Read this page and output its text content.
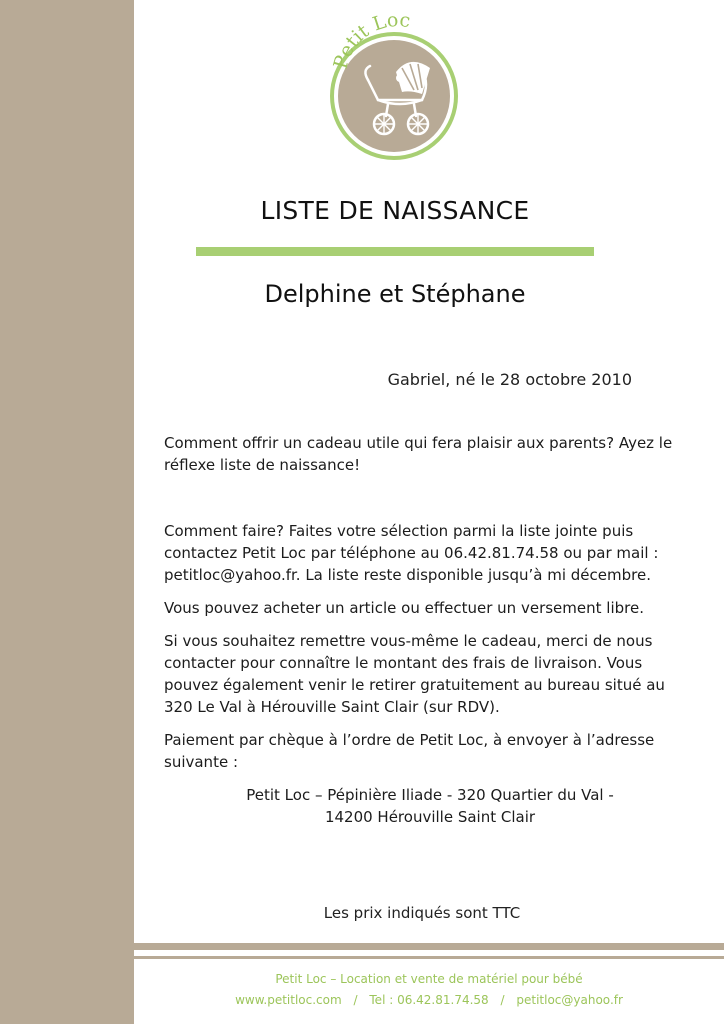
Petit Loc
LISTE DE NAISSANCE
Delphine et Stéphane
Gabriel, né le 28 octobre 2010

Comment offrir un cadeau utile qui fera plaisir aux parents? Ayez le réflexe liste de naissance!

Comment faire? Faites votre sélection parmi la liste jointe puis contactez Petit Loc par téléphone au 06.42.81.74.58 ou par mail : petitloc@yahoo.fr. La liste reste disponible jusqu’à mi décembre.

Vous pouvez acheter un article ou effectuer un versement libre.

Si vous souhaitez remettre vous-même le cadeau, merci de nous contacter pour connaître le montant des frais de livraison. Vous pouvez également venir le retirer gratuitement au bureau situé au 320 Le Val à Hérouville Saint Clair (sur RDV).

Paiement par chèque à l’ordre de Petit Loc, à envoyer à l’adresse suivante :

Petit Loc – Pépinière Iliade - 320 Quartier du Val -
14200 Hérouville Saint Clair
Les prix indiqués sont TTC
Petit Loc – Location et vente de matériel pour bébé
www.petitloc.com / Tel : 06.42.81.74.58 / petitloc@yahoo.fr
